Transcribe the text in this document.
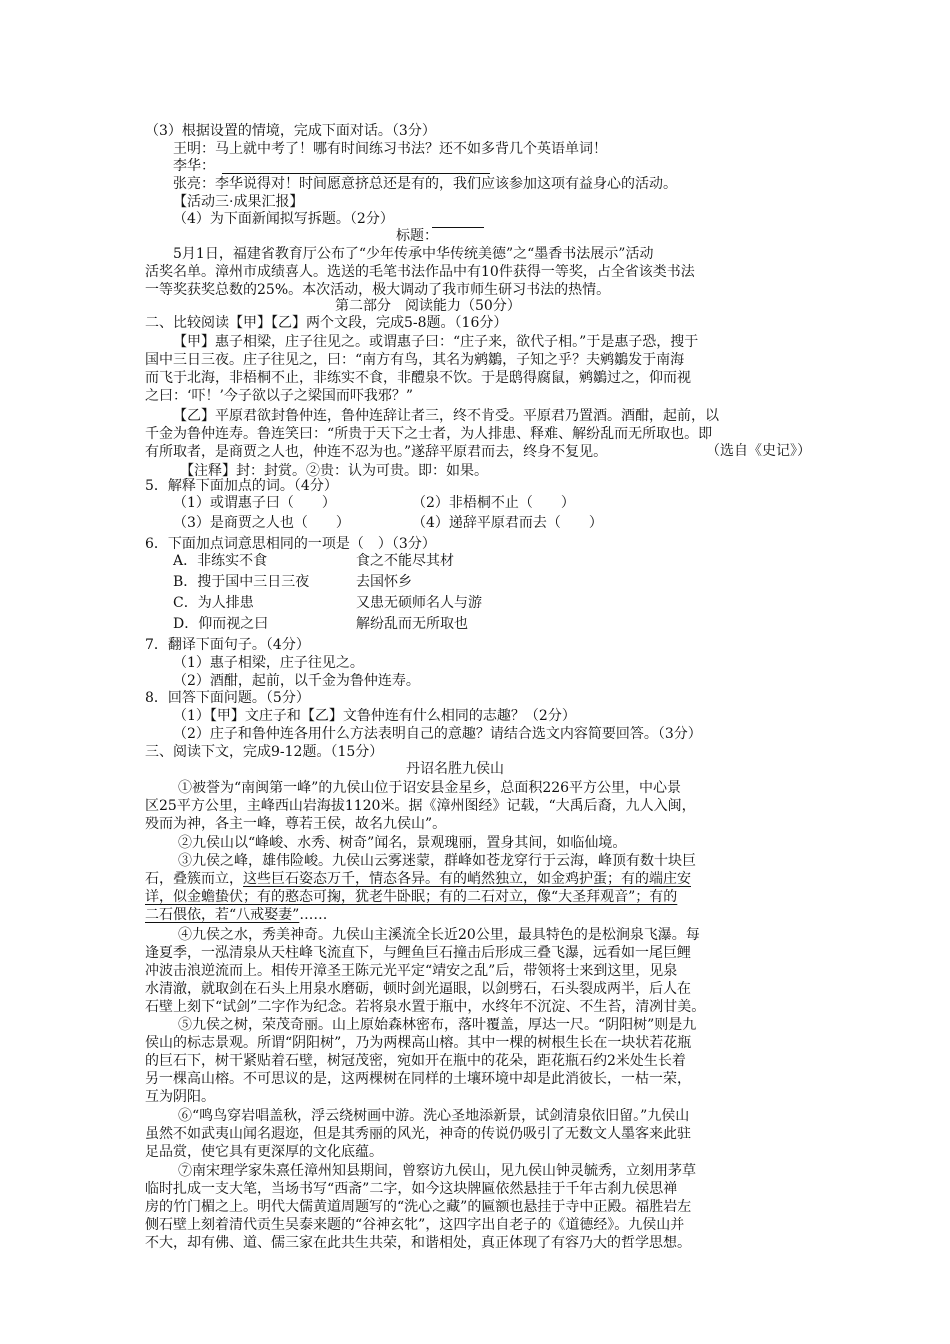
（3）根据设置的情境，完成下面对话。（3分）
王明：马上就中考了！哪有时间练习书法？还不如多背几个英语单词！
李华：
张亮：李华说得对！时间愿意挤总还是有的，我们应该参加这项有益身心的活动。
【活动三·成果汇报】
（4）为下面新闻拟写拆题。（2分）
标题：
5月1日，福建省教育厅公布了“少年传承中华传统美德”之“墨香书法展示”活动
活奖名单。漳州市成绩喜人。选送的毛笔书法作品中有10件获得一等奖，占全省该类书法
一等奖获奖总数的25%。本次活动，极大调动了我市师生研习书法的热情。
第二部分　阅读能力（50分）
二、比较阅读【甲】【乙】两个文段，完成5-8题。（16分）
【甲】惠子相梁，庄子往见之。或谓惠子曰：“庄子来，欲代子相。”于是惠子恐，搜于
国中三日三夜。庄子往见之，曰：“南方有鸟，其名为鹓鶵，子知之乎？夫鹓鶵发于南海
而飞于北海，非梧桐不止，非练实不食，非醴泉不饮。于是鸱得腐鼠，鹓鶵过之，仰而视
之曰：‘吓！’今子欲以子之梁国而吓我邪？”
【乙】平原君欲封鲁仲连，鲁仲连辞让者三，终不肯受。平原君乃置酒。酒酣，起前，以
千金为鲁仲连寿。鲁连笑曰：“所贵于天下之士者，为人排患、释难、解纷乱而无所取也。即
有所取者，是商贾之人也，仲连不忍为也。”遂辞平原君而去，终身不复见。	（选自《史记》）
【注释】封：封赏。②贵：认为可贵。即：如果。
5．解释下面加点的词。（4分）
（1）或谓惠子曰（　　）	（2）非梧桐不止（　　）
（3）是商贾之人也（　　）	（4）递辞平原君而去（　　）
6．下面加点词意思相同的一项是（　）（3分）
A．非练实不食	食之不能尽其材
B．搜于国中三日三夜	去国怀乡
C．为人排患	又患无硕师名人与游
D．仰而视之曰	解纷乱而无所取也
7．翻译下面句子。（4分）
（1）惠子相梁，庄子往见之。
（2）酒酣，起前，以千金为鲁仲连寿。
8．回答下面问题。（5分）
（1）【甲】文庄子和【乙】文鲁仲连有什么相同的志趣？（2分）
（2）庄子和鲁仲连各用什么方法表明自己的意趣？请结合选文内容简要回答。（3分）
三、阅读下文，完成9-12题。（15分）
丹诏名胜九侯山
①被誉为“南闽第一峰”的九侯山位于诏安县金星乡，总面积226平方公里，中心景
区25平方公里，主峰西山岩海拔1120米。据《漳州图经》记载，“大禹后裔，九人入闽，
殁而为神，各主一峰，尊若王侯，故名九侯山”。
②九侯山以“峰峻、水秀、树奇”闻名，景观瑰丽，置身其间，如临仙境。
③九侯之峰，雄伟险峻。九侯山云雾迷蒙，群峰如苍龙穿行于云海，峰顶有数十块巨
石，叠簇而立，这些巨石姿态万千，情态各异。有的峭然独立，如金鸡护蛋；有的端庄安
详，似金蟾蛰伏；有的憨态可掬，犹老牛卧眠；有的二石对立，像“大圣拜观音”；有的
二石偎依，若“八戒娶妻”……
④九侯之水，秀美神奇。九侯山主溪流全长近20公里，最具特色的是松涧泉飞瀑。每
逢夏季，一泓清泉从天柱峰飞流直下，与鲤鱼巨石撞击后形成三叠飞瀑，远看如一尾巨鲤
冲波击浪逆流而上。相传开漳圣王陈元光平定“靖安之乱”后，带领将士来到这里，见泉
水清澈，就取剑在石头上用泉水磨砺，顿时剑光逼眼，以剑劈石，石头裂成两半，后人在
石壁上刻下“试剑”二字作为纪念。若将泉水置于瓶中，水终年不沉淀、不生苔，清冽甘美。
⑤九侯之树，荣茂奇丽。山上原始森林密布，落叶覆盖，厚达一尺。“阴阳树”则是九
侯山的标志景观。所谓“阴阳树”，乃为两棵高山榕。其中一棵的树根生长在一块状若花瓶
的巨石下，树干紧贴着石壁，树冠茂密，宛如开在瓶中的花朵，距花瓶石约2米处生长着
另一棵高山榕。不可思议的是，这两棵树在同样的土壤环境中却是此消彼长，一枯一荣，
互为阴阳。
⑥“鸣鸟穿岩唱盖秋，浮云绕树画中游。洗心圣地添新景，试剑清泉依旧留。”九侯山
虽然不如武夷山闻名遐迩，但是其秀丽的风光，神奇的传说仍吸引了无数文人墨客来此驻
足品赏，使它具有更深厚的文化底蕴。
⑦南宋理学家朱熹任漳州知县期间，曾察访九侯山，见九侯山钟灵毓秀，立刻用茅草
临时扎成一支大笔，当场书写“西斋”二字，如今这块牌匾依然悬挂于千年古刹九侯思禅
房的竹门楣之上。明代大儒黄道周题写的“洗心之藏”的匾额也悬挂于寺中正殿。福胜岩左
侧石壁上刻着清代贡生吴泰来题的“谷神玄牝”，这四字出自老子的《道德经》。九侯山并
不大，却有佛、道、儒三家在此共生共荣，和谐相处，真正体现了有容乃大的哲学思想。
